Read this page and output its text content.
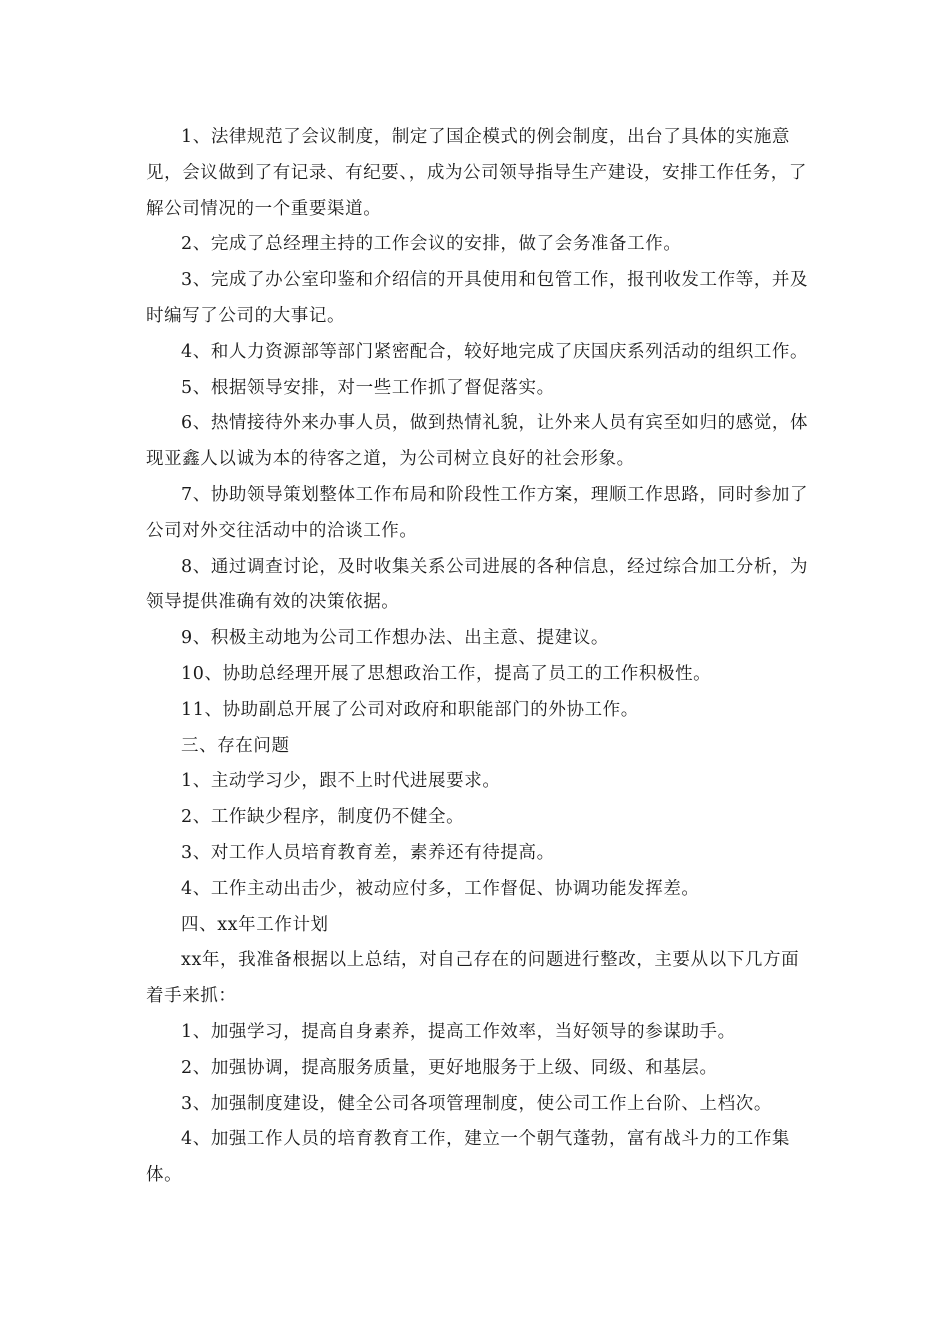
1、法律规范了会议制度，制定了国企模式的例会制度，出台了具体的实施意见，会议做到了有记录、有纪要、，成为公司领导指导生产建设，安排工作任务，了解公司情况的一个重要渠道。

2、完成了总经理主持的工作会议的安排，做了会务准备工作。

3、完成了办公室印鉴和介绍信的开具使用和包管工作，报刊收发工作等，并及时编写了公司的大事记。

4、和人力资源部等部门紧密配合，较好地完成了庆国庆系列活动的组织工作。

5、根据领导安排，对一些工作抓了督促落实。

6、热情接待外来办事人员，做到热情礼貌，让外来人员有宾至如归的感觉，体现亚鑫人以诚为本的待客之道，为公司树立良好的社会形象。

7、协助领导策划整体工作布局和阶段性工作方案，理顺工作思路，同时参加了公司对外交往活动中的洽谈工作。

8、通过调查讨论，及时收集关系公司进展的各种信息，经过综合加工分析，为领导提供准确有效的决策依据。

9、积极主动地为公司工作想办法、出主意、提建议。

10、协助总经理开展了思想政治工作，提高了员工的工作积极性。

11、协助副总开展了公司对政府和职能部门的外协工作。

三、存在问题

1、主动学习少，跟不上时代进展要求。

2、工作缺少程序，制度仍不健全。

3、对工作人员培育教育差，素养还有待提高。

4、工作主动出击少，被动应付多，工作督促、协调功能发挥差。

四、xx年工作计划

xx年，我准备根据以上总结，对自己存在的问题进行整改，主要从以下几方面着手来抓：

1、加强学习，提高自身素养，提高工作效率，当好领导的参谋助手。

2、加强协调，提高服务质量，更好地服务于上级、同级、和基层。

3、加强制度建设，健全公司各项管理制度，使公司工作上台阶、上档次。

4、加强工作人员的培育教育工作，建立一个朝气蓬勃，富有战斗力的工作集体。
